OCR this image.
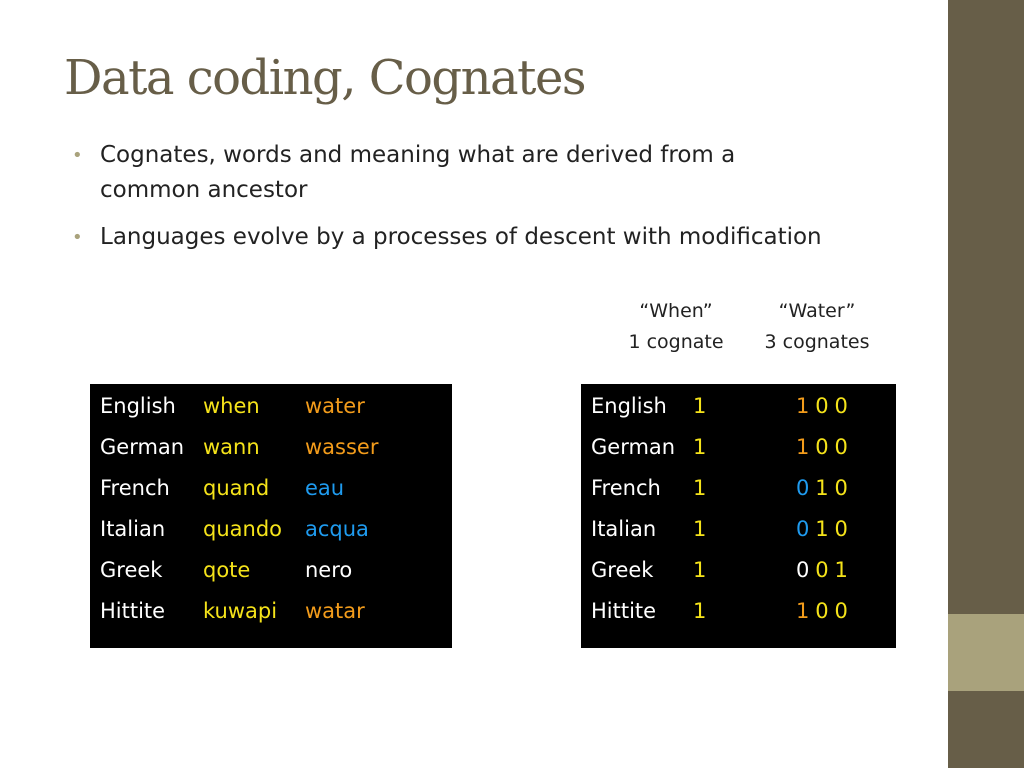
Data coding, Cognates
• Cognates, words and meaning what are derived from a common ancestor
• Languages evolve by a processes of descent with modification
“When”
1 cognate
“Water”
3 cognates
English when water
German wann wasser
French quand eau
Italian quando acqua
Greek qote	nero
Hittite kuwapi watar
English 1	1 0 0
German 1	1 0 0
French 1	0 1 0
Italian 1	0 1 0
Greek 1	0 0 1
Hittite 1	1 0 0
